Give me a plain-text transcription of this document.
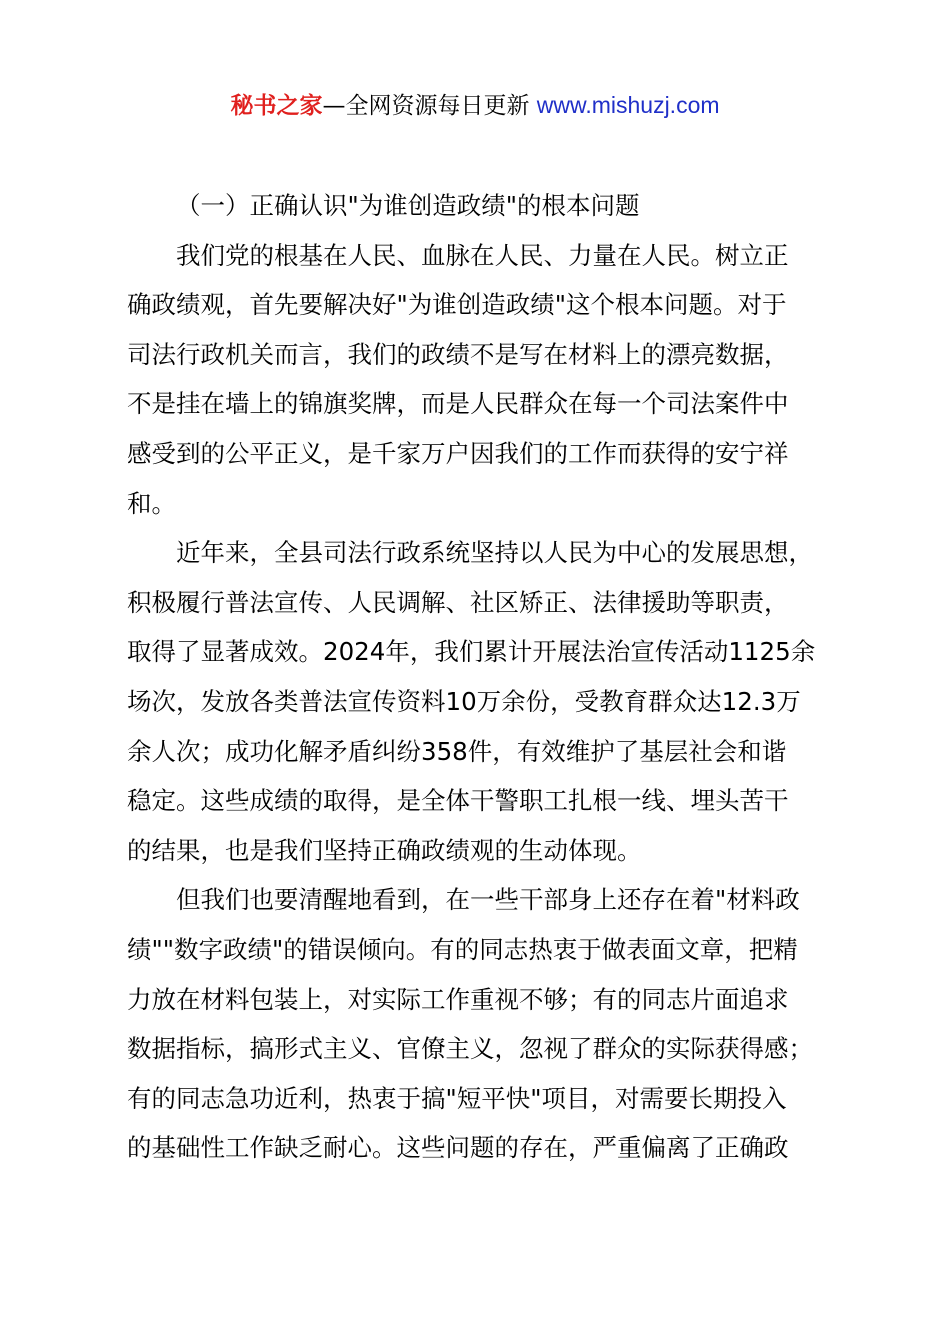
秘书之家—全网资源每日更新 www.mishuzj.com
（一）正确认识"为谁创造政绩"的根本问题

我们党的根基在人民、血脉在人民、力量在人民。树立正
确政绩观，首先要解决好"为谁创造政绩"这个根本问题。对于
司法行政机关而言，我们的政绩不是写在材料上的漂亮数据，
不是挂在墙上的锦旗奖牌，而是人民群众在每一个司法案件中
感受到的公平正义，是千家万户因我们的工作而获得的安宁祥
和。

近年来，全县司法行政系统坚持以人民为中心的发展思想，
积极履行普法宣传、人民调解、社区矫正、法律援助等职责，
取得了显著成效。2024年，我们累计开展法治宣传活动1125余
场次，发放各类普法宣传资料10万余份，受教育群众达12.3万
余人次；成功化解矛盾纠纷358件，有效维护了基层社会和谐
稳定。这些成绩的取得，是全体干警职工扎根一线、埋头苦干
的结果，也是我们坚持正确政绩观的生动体现。

但我们也要清醒地看到，在一些干部身上还存在着"材料政
绩""数字政绩"的错误倾向。有的同志热衷于做表面文章，把精
力放在材料包装上，对实际工作重视不够；有的同志片面追求
数据指标，搞形式主义、官僚主义，忽视了群众的实际获得感；
有的同志急功近利，热衷于搞"短平快"项目，对需要长期投入
的基础性工作缺乏耐心。这些问题的存在，严重偏离了正确政
